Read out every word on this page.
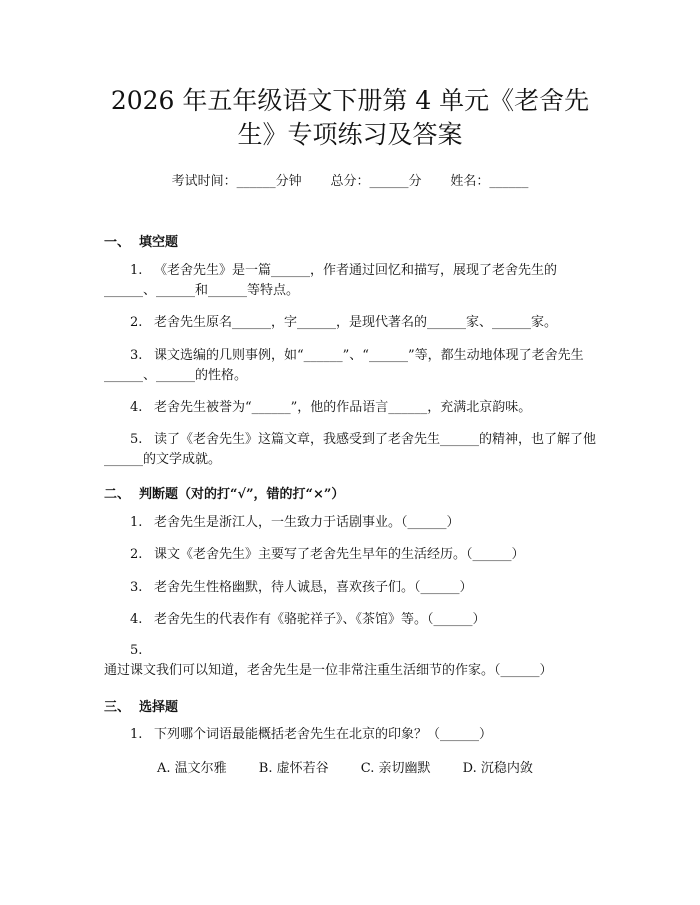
2026 年五年级语文下册第 4 单元《老舍先
生》专项练习及答案
考试时间：______分钟       总分：______分       姓名：______
一、  填空题
1. 《老舍先生》是一篇______，作者通过回忆和描写，展现了老舍先生的______、______和______等特点。
2. 老舍先生原名______，字______，是现代著名的______家、______家。
3. 课文选编的几则事例，如“______”、“______”等，都生动地体现了老舍先生______、______的性格。
4. 老舍先生被誉为“______”，他的作品语言______，充满北京韵味。
5. 读了《老舍先生》这篇文章，我感受到了老舍先生______的精神，也了解了他______的文学成就。
二、  判断题（对的打“√”，错的打“×”）
1. 老舍先生是浙江人，一生致力于话剧事业。（______）
2. 课文《老舍先生》主要写了老舍先生早年的生活经历。（______）
3. 老舍先生性格幽默，待人诚恳，喜欢孩子们。（______）
4. 老舍先生的代表作有《骆驼祥子》、《茶馆》等。（______）
5.通过课文我们可以知道，老舍先生是一位非常注重生活细节的作家。（______）
三、  选择题
1. 下列哪个词语最能概括老舍先生在北京的印象？（______）
A. 温文尔雅 B. 虚怀若谷 C. 亲切幽默 D. 沉稳内敛
